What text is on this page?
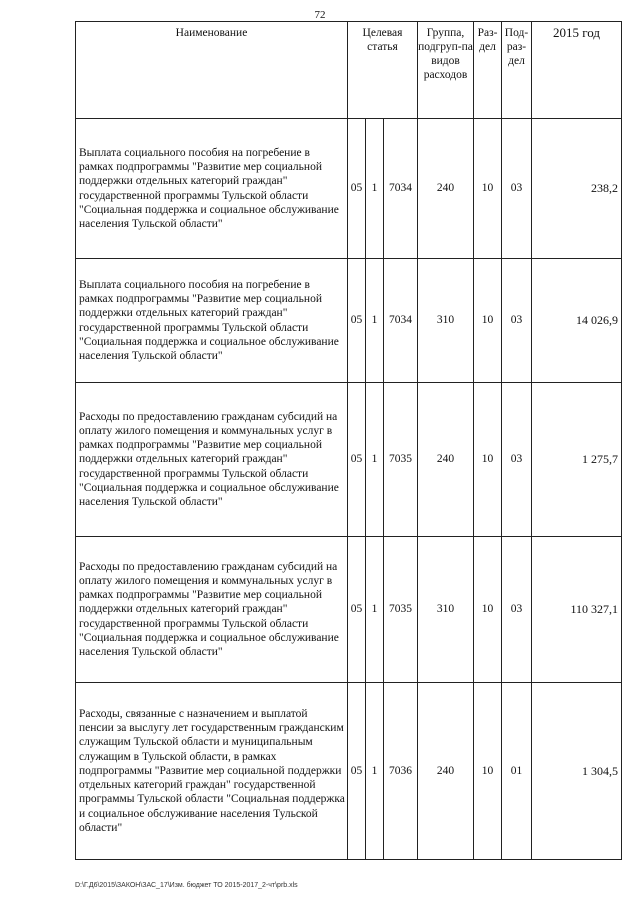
72
Наименование	Целевая статья			Группа, подгруп-па видов расходов	Раз-дел	Под-раз-дел	2015 год
Выплата социального пособия на погребение в рамках подпрограммы "Развитие мер социальной поддержки отдельных категорий граждан" государственной программы Тульской области "Социальная поддержка и социальное обслуживание населения Тульской области"	05	1	7034	240	10	03	238,2
Выплата социального пособия на погребение в рамках подпрограммы "Развитие мер социальной поддержки отдельных категорий граждан" государственной программы Тульской области "Социальная поддержка и социальное обслуживание населения Тульской области"	05	1	7034	310	10	03	14 026,9
Расходы по предоставлению гражданам субсидий на оплату жилого помещения и коммунальных услуг в рамках подпрограммы "Развитие мер социальной поддержки отдельных категорий граждан" государственной программы Тульской области "Социальная поддержка и социальное обслуживание населения Тульской области"	05	1	7035	240	10	03	1 275,7
Расходы по предоставлению гражданам субсидий на оплату жилого помещения и коммунальных услуг в рамках подпрограммы "Развитие мер социальной поддержки отдельных категорий граждан" государственной программы Тульской области "Социальная поддержка и социальное обслуживание населения Тульской области"	05	1	7035	310	10	03	110 327,1
Расходы, связанные с назначением и выплатой пенсии за выслугу лет государственным гражданским служащим Тульской области и муниципальным служащим в Тульской области, в рамках подпрограммы "Развитие мер социальной поддержки отдельных категорий граждан" государственной программы Тульской области "Социальная поддержка и социальное обслуживание населения Тульской области"	05	1	7036	240	10	01	1 304,5
D:\Г.Д6\2015\ЗАКОН\ЗАС_17\Изм. бюджет ТО 2015-2017_2-чт\prb.xls
